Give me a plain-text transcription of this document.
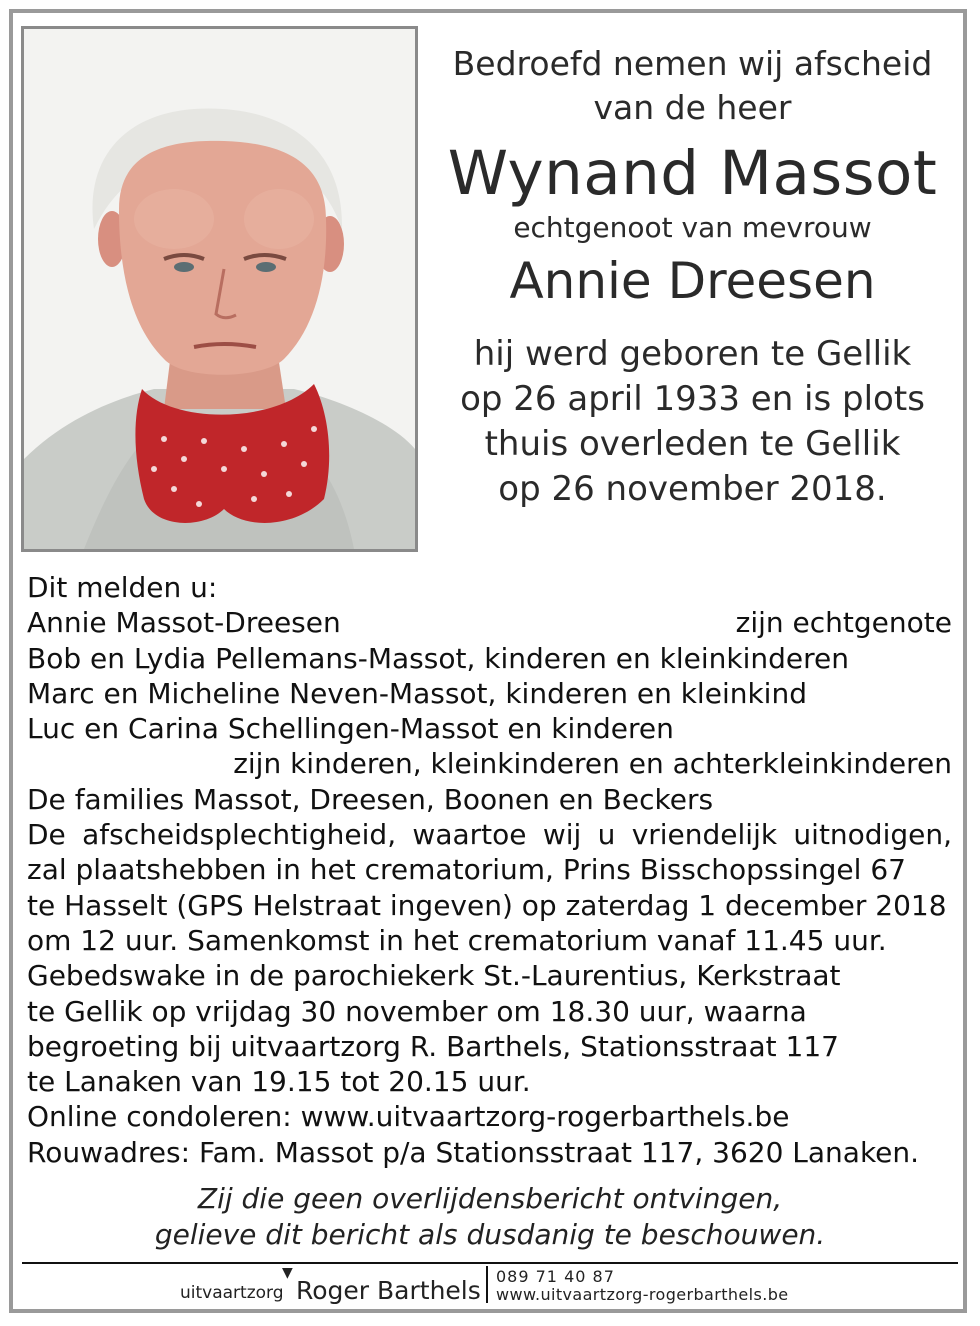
Bedroefd nemen wij afscheid
van de heer
Wynand Massot
echtgenoot van mevrouw
Annie Dreesen
hij werd geboren te Gellik
op 26 april 1933 en is plots
thuis overleden te Gellik
op 26 november 2018.
Dit melden u:
Annie Massot-Dreesen	zijn echtgenote
Bob en Lydia Pellemans-Massot, kinderen en kleinkinderen
Marc en Micheline Neven-Massot, kinderen en kleinkind
Luc en Carina Schellingen-Massot en kinderen
zijn kinderen, kleinkinderen en achterkleinkinderen
De families Massot, Dreesen, Boonen en Beckers
De afscheidsplechtigheid, waartoe wij u vriendelijk uitnodigen,
zal plaatshebben in het crematorium, Prins Bisschopssingel 67
te Hasselt (GPS Helstraat ingeven) op zaterdag 1 december 2018
om 12 uur. Samenkomst in het crematorium vanaf 11.45 uur.
Gebedswake in de parochiekerk St.-Laurentius, Kerkstraat
te Gellik op vrijdag 30 november om 18.30 uur, waarna
begroeting bij uitvaartzorg R. Barthels, Stationsstraat 117
te Lanaken van 19.15 tot 20.15 uur.
Online condoleren: www.uitvaartzorg-rogerbarthels.be
Rouwadres: Fam. Massot p/a Stationsstraat 117, 3620 Lanaken.
Zij die geen overlijdensbericht ontvingen,
gelieve dit bericht als dusdanig te beschouwen.
uitvaartzorg
▼
Roger Barthels 089 71 40 87
www.uitvaartzorg-rogerbarthels.be
